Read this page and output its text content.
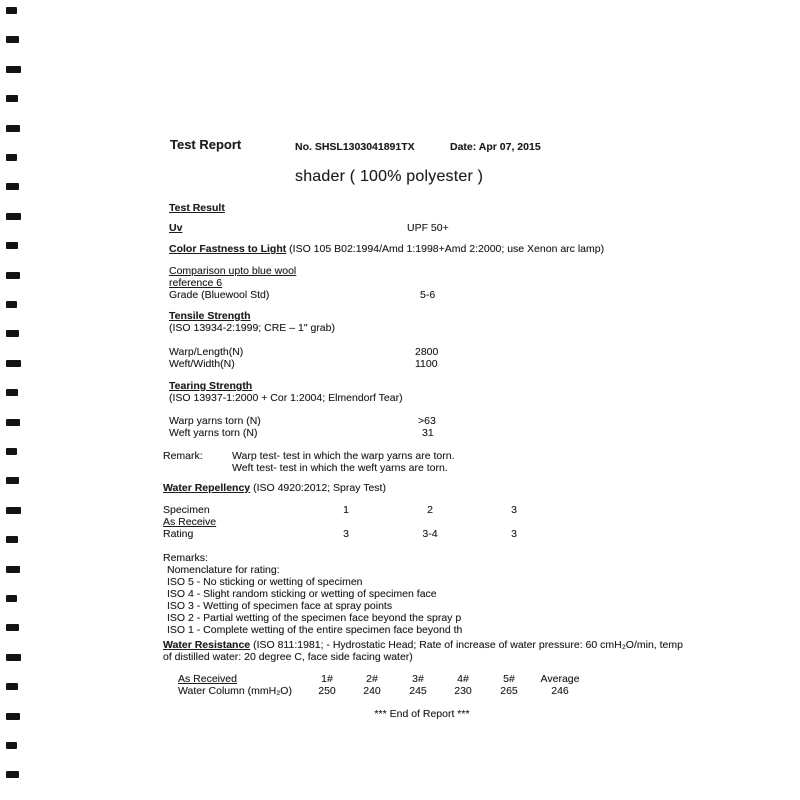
Test Report	No. SHSL1303041891TX	Date: Apr 07, 2015
shader ( 100% polyester )
Test Result
Uv	UPF 50+
Color Fastness to Light (ISO 105 B02:1994/Amd 1:1998+Amd 2:2000; use Xenon arc lamp)
Comparison upto blue wool
reference 6
Grade (Bluewool Std)	5-6
Tensile Strength
(ISO 13934-2:1999; CRE – 1" grab)
Warp/Length(N)	2800
Weft/Width(N)	1100
Tearing Strength
(ISO 13937-1:2000 + Cor 1:2004; Elmendorf Tear)
Warp yarns torn (N)	>63
Weft yarns torn (N)	31
Remark:	Warp test- test in which the warp yarns are torn.
Weft test- test in which the weft yarns are torn.
Water Repellency (ISO 4920:2012; Spray Test)
Specimen	1	2	3
As Receive
Rating	3	3-4	3
Remarks:
Nomenclature for rating:
ISO 5 - No sticking or wetting of specimen
ISO 4 - Slight random sticking or wetting of specimen face
ISO 3 - Wetting of specimen face at spray points
ISO 2 - Partial wetting of the specimen face beyond the spray p
ISO 1 - Complete wetting of the entire specimen face beyond th
Water Resistance (ISO 811:1981; - Hydrostatic Head; Rate of increase of water pressure: 60 cmH₂O/min, temp
of distilled water: 20 degree C, face side facing water)
As Received	1#	2#	3#	4#	5# Average
Water Column (mmH₂O)	250	240	245	230	265	246
*** End of Report ***
